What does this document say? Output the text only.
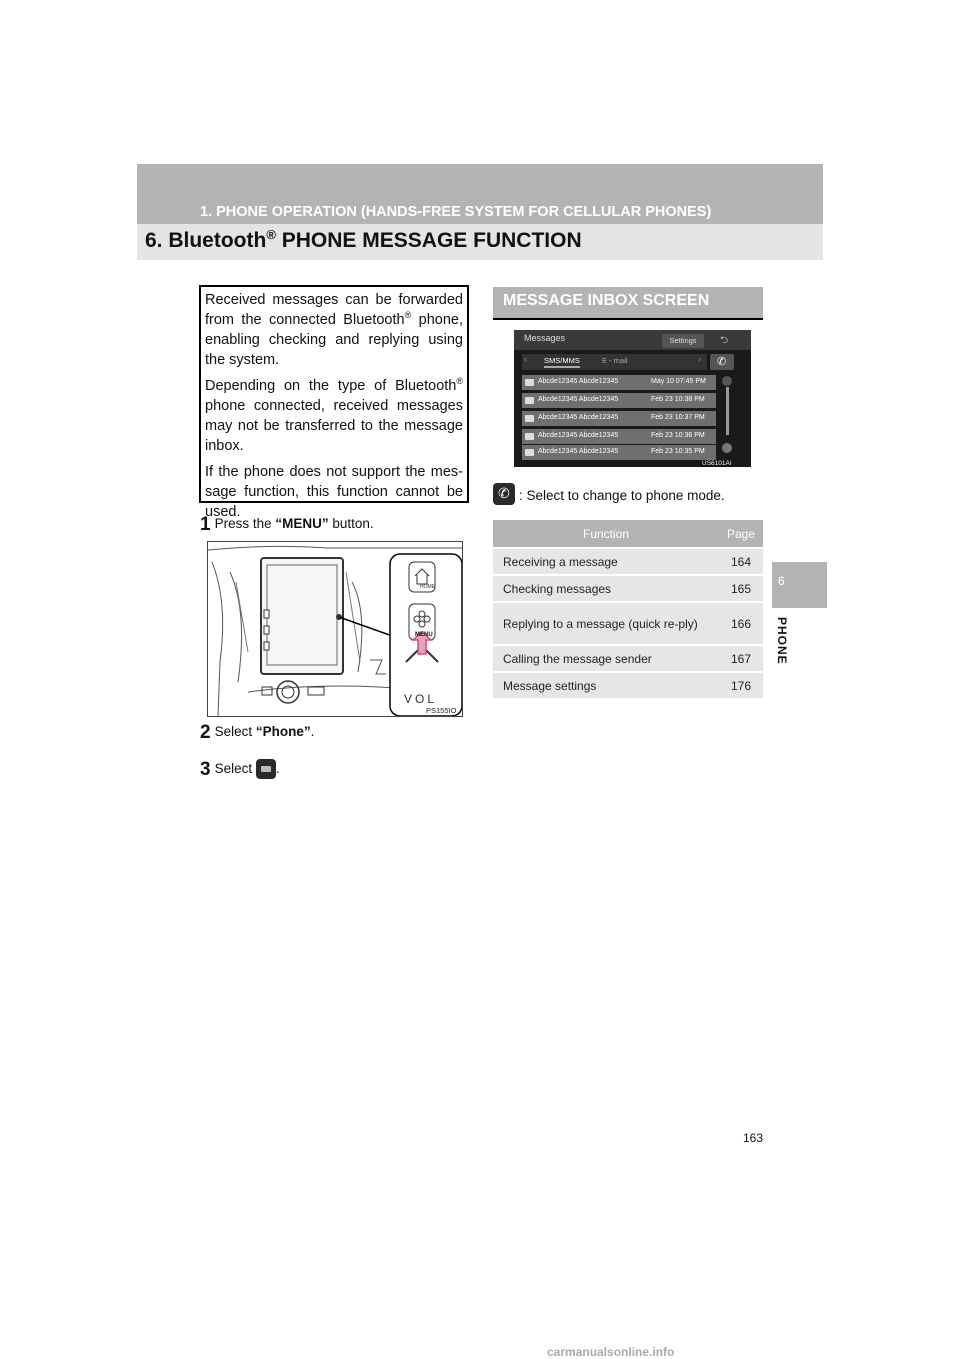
1. PHONE OPERATION (HANDS-FREE SYSTEM FOR CELLULAR PHONES)
6. Bluetooth® PHONE MESSAGE FUNCTION
6
PHONE

Received messages can be forwarded from the connected Bluetooth® phone, enabling checking and replying using the system.

Depending on the type of Bluetooth® phone connected, received messages may not be transferred to the message inbox.

If the phone does not support the mes-sage function, this function cannot be used.

1 Press the “MENU” button.
HOME
MENU
VOL
PS155IO
2 Select “Phone”.
3 Select
.
MESSAGE INBOX SCREEN
Messages	Settings	⮌
‹ SMS/MMS	E - mail	› ✆
Abcde12345 Abcde12345	May 10 07:45 PM
Abcde12345 Abcde12345	Feb 23 10:38 PM
Abcde12345 Abcde12345	Feb 23 10:37 PM
Abcde12345 Abcde12345	Feb 23 10:36 PM
Abcde12345 Abcde12345	Feb 23 10:35 PM
US6101AI
✆ : Select to change to phone mode.
Function	Page
Receiving a message	164
Checking messages	165
Replying to a message (quick re-ply)	166
Calling the message sender	167
Message settings	176
163
carmanualsonline.info
